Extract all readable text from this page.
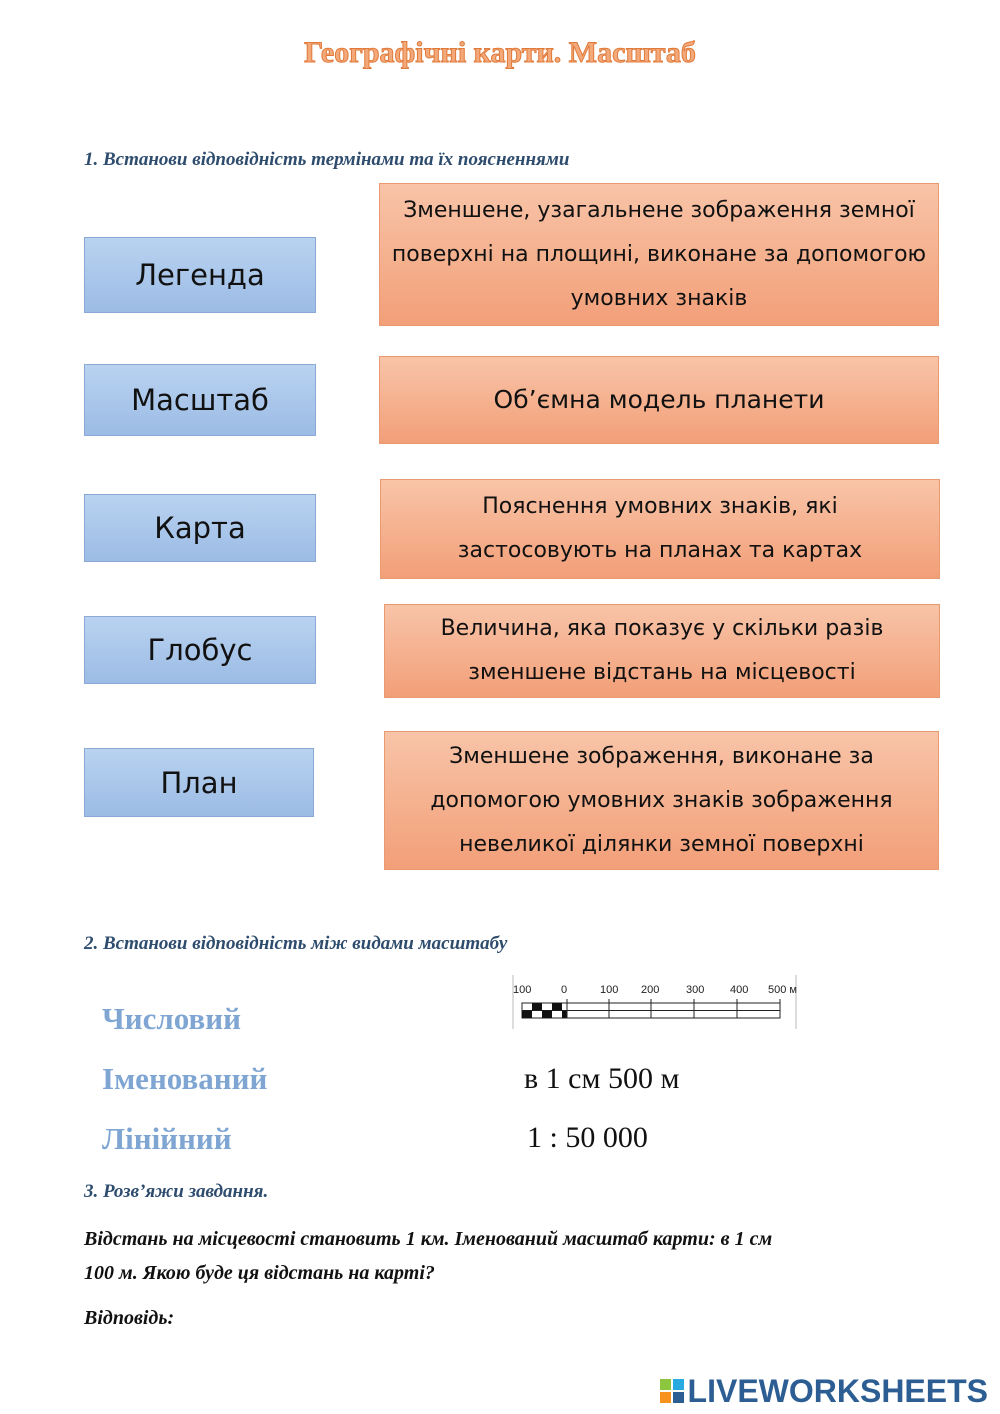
Географічні карти. Масштаб
1. Встанови відповідність термінами та їх поясненнями
Легенда
Масштаб
Карта
Глобус
План
Зменшене, узагальнене зображення земної поверхні на площині, виконане за допомогою умовних знаків
Об’ємна модель планети
Пояснення умовних знаків, які застосовують на планах та картах
Величина, яка показує у скільки разів зменшене відстань на місцевості
Зменшене зображення, виконане за допомогою умовних знаків зображення невеликої ділянки земної поверхні
2. Встанови відповідність між видами масштабу
Числовий
Іменований
Лінійний
100	0	100 200 300 400 500 м
в 1 см 500 м
1 : 50 000
3. Розв’яжи завдання.
Відстань на місцевості становить 1 км. Іменований масштаб карти: в 1 см
100 м. Якою буде ця відстань на карті?
Відповідь:
LIVEWORKSHEETS
